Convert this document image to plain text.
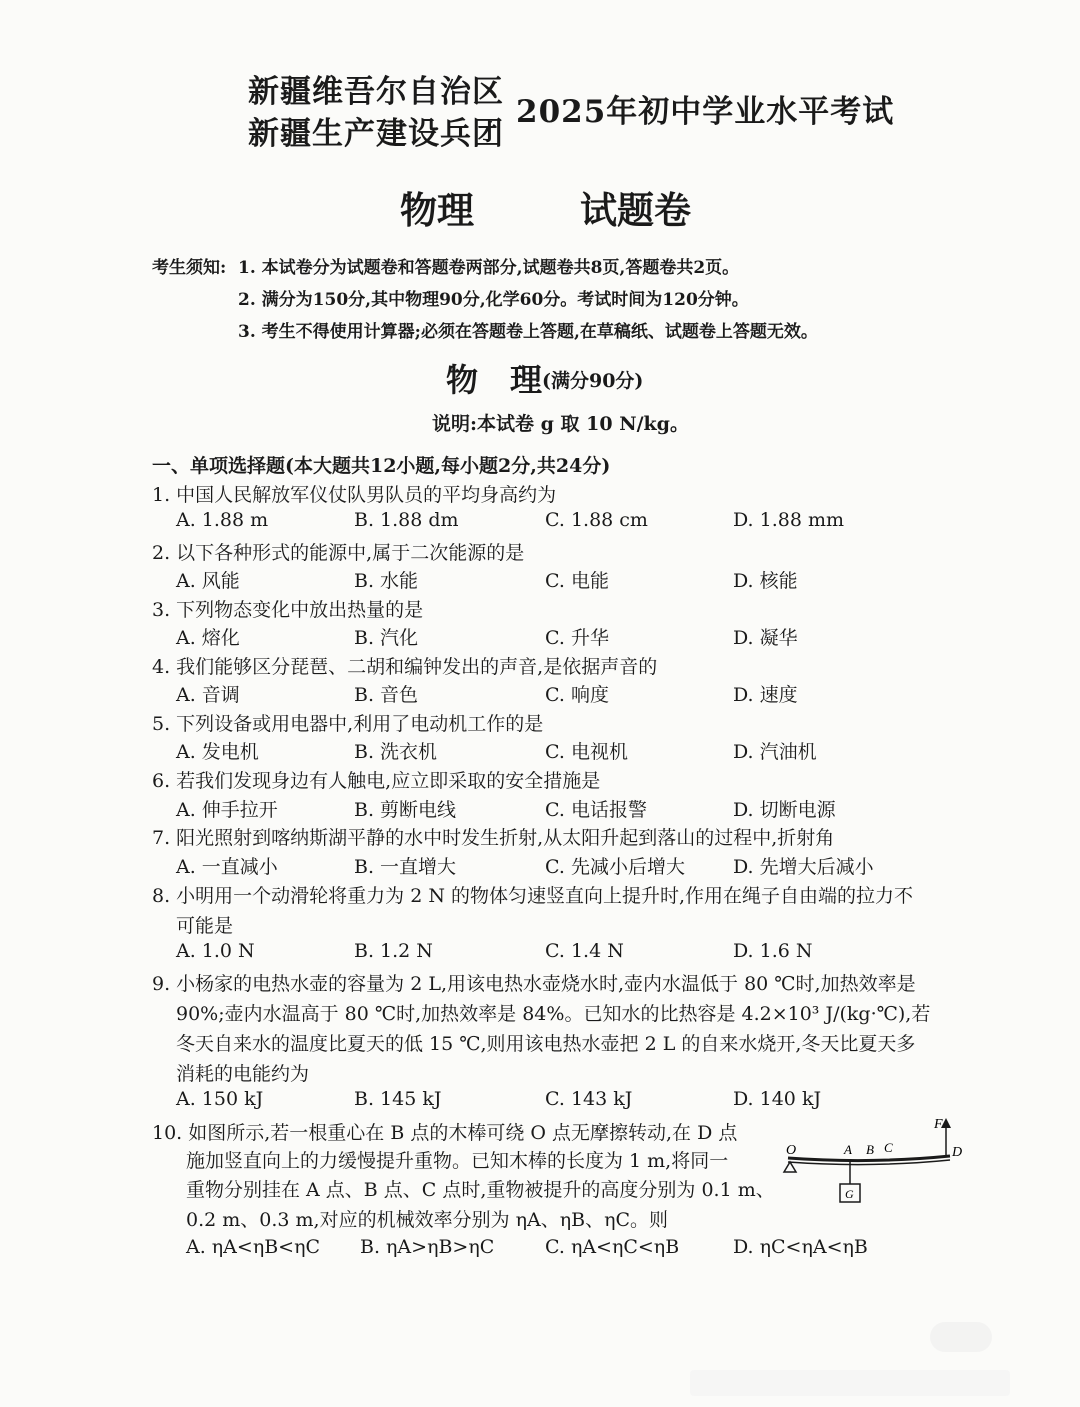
新疆维吾尔自治区
新疆生产建设兵团
2025年初中学业水平考试
物理	试题卷
考生须知: 1. 本试卷分为试题卷和答题卷两部分,试题卷共8页,答题卷共2页。
2. 满分为150分,其中物理90分,化学60分。考试时间为120分钟。
3. 考生不得使用计算器;必须在答题卷上答题,在草稿纸、试题卷上答题无效。
物　理 (满分90分)
说明:本试卷 g 取 10 N/kg。
一、单项选择题(本大题共12小题,每小题2分,共24分)
1. 中国人民解放军仪仗队男队员的平均身高约为
A. 1.88 m	B. 1.88 dm	C. 1.88 cm	D. 1.88 mm
2. 以下各种形式的能源中,属于二次能源的是
A. 风能	B. 水能	C. 电能	D. 核能
3. 下列物态变化中放出热量的是
A. 熔化	B. 汽化	C. 升华	D. 凝华
4. 我们能够区分琵琶、二胡和编钟发出的声音,是依据声音的
A. 音调	B. 音色	C. 响度	D. 速度
5. 下列设备或用电器中,利用了电动机工作的是
A. 发电机	B. 洗衣机	C. 电视机	D. 汽油机
6. 若我们发现身边有人触电,应立即采取的安全措施是
A. 伸手拉开	B. 剪断电线	C. 电话报警	D. 切断电源
7. 阳光照射到喀纳斯湖平静的水中时发生折射,从太阳升起到落山的过程中,折射角
A. 一直减小	B. 一直增大	C. 先减小后增大	D. 先增大后减小
8. 小明用一个动滑轮将重力为 2 N 的物体匀速竖直向上提升时,作用在绳子自由端的拉力不
可能是
A. 1.0 N	B. 1.2 N	C. 1.4 N	D. 1.6 N
9. 小杨家的电热水壶的容量为 2 L,用该电热水壶烧水时,壶内水温低于 80 ℃时,加热效率是
90%;壶内水温高于 80 ℃时,加热效率是 84%。已知水的比热容是 4.2×10³ J/(kg·℃),若
冬天自来水的温度比夏天的低 15 ℃,则用该电热水壶把 2 L 的自来水烧开,冬天比夏天多
消耗的电能约为
A. 150 kJ	B. 145 kJ	C. 143 kJ	D. 140 kJ
10. 如图所示,若一根重心在 B 点的木棒可绕 O 点无摩擦转动,在 D 点
施加竖直向上的力缓慢提升重物。已知木棒的长度为 1 m,将同一
重物分别挂在 A 点、B 点、C 点时,重物被提升的高度分别为 0.1 m、
0.2 m、0.3 m,对应的机械效率分别为 ηA、ηB、ηC。则
A. ηA<ηB<ηC B. ηA>ηB>ηC	C. ηA<ηC<ηB	D. ηC<ηA<ηB
O	A B C	D
F
G
